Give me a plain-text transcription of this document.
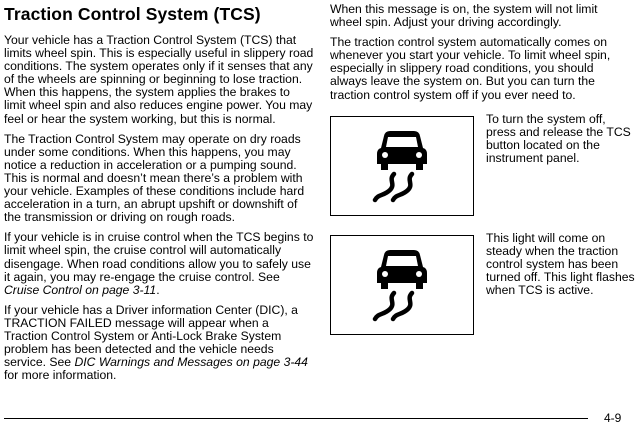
Traction Control System (TCS)

Your vehicle has a Traction Control System (TCS) that limits wheel spin. This is especially useful in slippery road conditions. The system operates only if it senses that any of the wheels are spinning or beginning to lose traction. When this happens, the system applies the brakes to limit wheel spin and also reduces engine power. You may feel or hear the system working, but this is normal.

The Traction Control System may operate on dry roads under some conditions. When this happens, you may notice a reduction in acceleration or a pumping sound. This is normal and doesn’t mean there’s a problem with your vehicle. Examples of these conditions include hard acceleration in a turn, an abrupt upshift or downshift of the transmission or driving on rough roads.

If your vehicle is in cruise control when the TCS begins to limit wheel spin, the cruise control will automatically disengage. When road conditions allow you to safely use it again, you may re-engage the cruise control. See Cruise Control on page 3-11.

If your vehicle has a Driver information Center (DIC), a TRACTION FAILED message will appear when a Traction Control System or Anti-Lock Brake System problem has been detected and the vehicle needs service. See DIC Warnings and Messages on page 3-44 for more information.

When this message is on, the system will not limit wheel spin. Adjust your driving accordingly.

The traction control system automatically comes on whenever you start your vehicle. To limit wheel spin, especially in slippery road conditions, you should always leave the system on. But you can turn the traction control system off if you ever need to.

To turn the system off, press and release the TCS button located on the instrument panel.

This light will come on steady when the traction control system has been turned off. This light flashes when TCS is active.

4-9
